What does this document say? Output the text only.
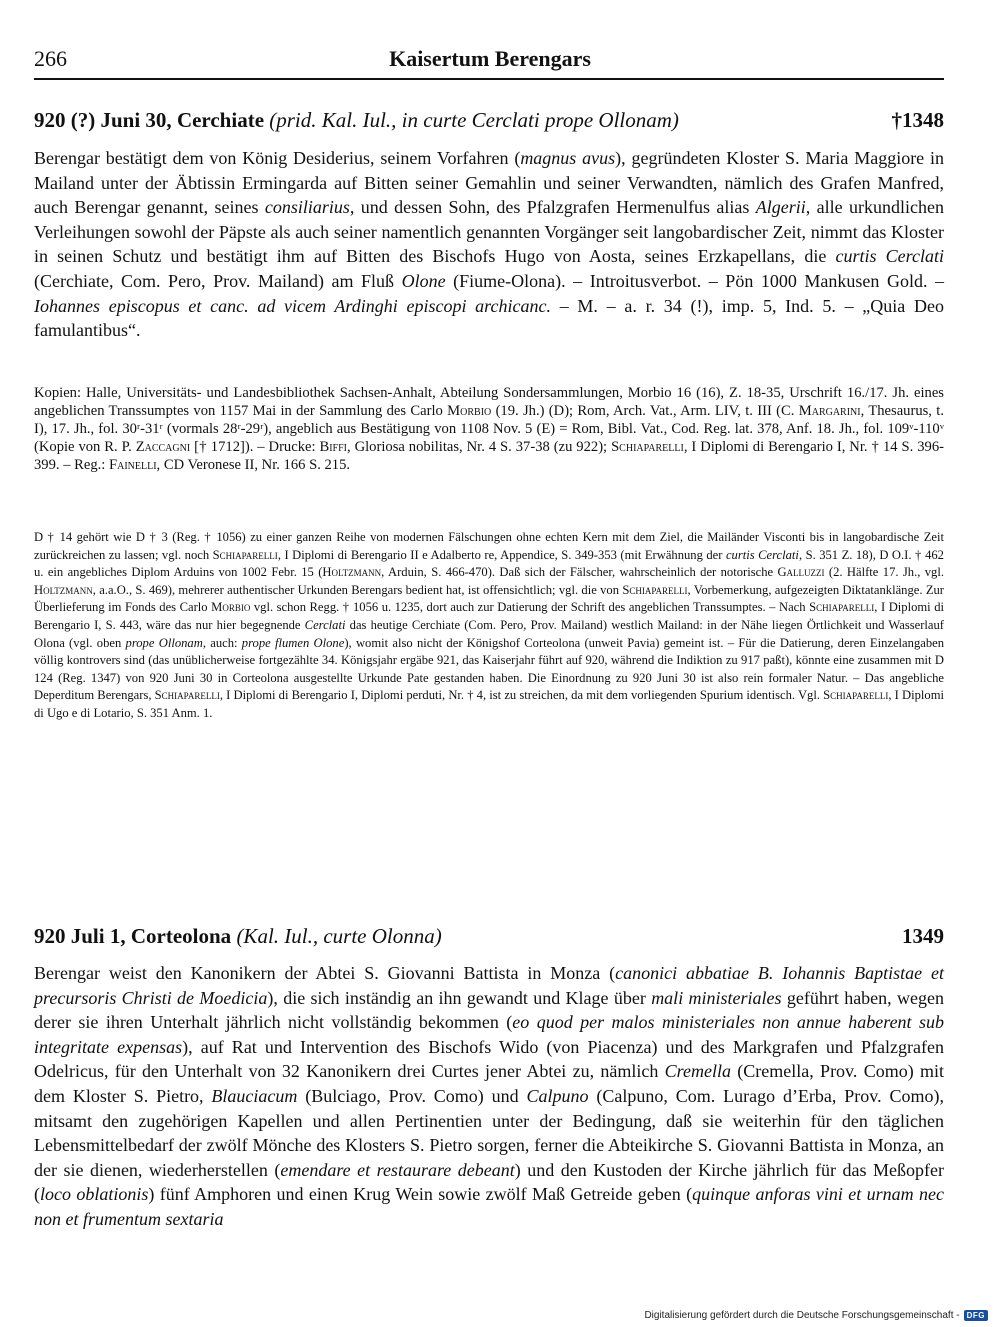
266	Kaisertum Berengars
920 (?) Juni 30, Cerchiate (prid. Kal. Iul., in curte Cerclati prope Ollonam)	†1348

Berengar bestätigt dem von König Desiderius, seinem Vorfahren (magnus avus), gegründeten Kloster S. Maria Maggiore in Mailand unter der Äbtissin Ermingarda auf Bitten seiner Gemahlin und seiner Verwandten, nämlich des Grafen Manfred, auch Berengar genannt, seines consiliarius, und dessen Sohn, des Pfalzgrafen Hermenulfus alias Algerii, alle urkundlichen Verleihungen sowohl der Päpste als auch seiner namentlich genannten Vorgänger seit langobardischer Zeit, nimmt das Kloster in seinen Schutz und bestätigt ihm auf Bitten des Bischofs Hugo von Aosta, seines Erzkapellans, die curtis Cerclati (Cerchiate, Com. Pero, Prov. Mailand) am Fluß Olone (Fiume-Olona). – Introitusverbot. – Pön 1000 Mankusen Gold. – Iohannes episcopus et canc. ad vicem Ardinghi episcopi archicanc. – M. – a. r. 34 (!), imp. 5, Ind. 5. – „Quia Deo famulantibus“.

Kopien: Halle, Universitäts- und Landesbibliothek Sachsen-Anhalt, Abteilung Sondersammlungen, Morbio 16 (16), Z. 18-35, Urschrift 16./17. Jh. eines angeblichen Transsumptes von 1157 Mai in der Sammlung des Carlo Morbio (19. Jh.) (D); Rom, Arch. Vat., Arm. LIV, t. III (C. Margarini, Thesaurus, t. I), 17. Jh., fol. 30ʳ-31ʳ (vormals 28ʳ-29ʳ), angeblich aus Bestätigung von 1108 Nov. 5 (E) = Rom, Bibl. Vat., Cod. Reg. lat. 378, Anf. 18. Jh., fol. 109ᵛ-110ᵛ (Kopie von R. P. Zaccagni [† 1712]). – Drucke: Biffi, Gloriosa nobilitas, Nr. 4 S. 37-38 (zu 922); Schiaparelli, I Diplomi di Berengario I, Nr. † 14 S. 396-399. – Reg.: Fainelli, CD Veronese II, Nr. 166 S. 215.

D † 14 gehört wie D † 3 (Reg. † 1056) zu einer ganzen Reihe von modernen Fälschungen ohne echten Kern mit dem Ziel, die Mailänder Visconti bis in langobardische Zeit zurückreichen zu lassen; vgl. noch Schiaparelli, I Diplomi di Berengario II e Adalberto re, Appendice, S. 349-353 (mit Erwähnung der curtis Cerclati, S. 351 Z. 18), D O.I. † 462 u. ein angebliches Diplom Arduins von 1002 Febr. 15 (Holtzmann, Arduin, S. 466-470). Daß sich der Fälscher, wahrscheinlich der notorische Galluzzi (2. Hälfte 17. Jh., vgl. Holtzmann, a.a.O., S. 469), mehrerer authentischer Urkunden Berengars bedient hat, ist offensichtlich; vgl. die von Schiaparelli, Vorbemerkung, aufgezeigten Diktatanklänge. Zur Überlieferung im Fonds des Carlo Morbio vgl. schon Regg. † 1056 u. 1235, dort auch zur Datierung der Schrift des angeblichen Transsumptes. – Nach Schiaparelli, I Diplomi di Berengario I, S. 443, wäre das nur hier begegnende Cerclati das heutige Cerchiate (Com. Pero, Prov. Mailand) westlich Mailand: in der Nähe liegen Örtlichkeit und Wasserlauf Olona (vgl. oben prope Ollonam, auch: prope flumen Olone), womit also nicht der Königshof Corteolona (unweit Pavia) gemeint ist. – Für die Datierung, deren Einzelangaben völlig kontrovers sind (das unüblicherweise fortgezählte 34. Königsjahr ergäbe 921, das Kaiserjahr führt auf 920, während die Indiktion zu 917 paßt), könnte eine zusammen mit D 124 (Reg. 1347) von 920 Juni 30 in Corteolona ausgestellte Urkunde Pate gestanden haben. Die Einordnung zu 920 Juni 30 ist also rein formaler Natur. – Das angebliche Deperditum Berengars, Schiaparelli, I Diplomi di Berengario I, Diplomi perduti, Nr. † 4, ist zu streichen, da mit dem vorliegenden Spurium identisch. Vgl. Schiaparelli, I Diplomi di Ugo e di Lotario, S. 351 Anm. 1.

920 Juli 1, Corteolona (Kal. Iul., curte Olonna)	1349

Berengar weist den Kanonikern der Abtei S. Giovanni Battista in Monza (canonici abbatiae B. Iohannis Baptistae et precursoris Christi de Moedicia), die sich inständig an ihn gewandt und Klage über mali ministeriales geführt haben, wegen derer sie ihren Unterhalt jährlich nicht vollständig bekommen (eo quod per malos ministeriales non annue haberent sub integritate expensas), auf Rat und Intervention des Bischofs Wido (von Piacenza) und des Markgrafen und Pfalzgrafen Odelricus, für den Unterhalt von 32 Kanonikern drei Curtes jener Abtei zu, nämlich Cremella (Cremella, Prov. Como) mit dem Kloster S. Pietro, Blauciacum (Bulciago, Prov. Como) und Calpuno (Calpuno, Com. Lurago d’Erba, Prov. Como), mitsamt den zugehörigen Kapellen und allen Pertinentien unter der Bedingung, daß sie weiterhin für den täglichen Lebensmittelbedarf der zwölf Mönche des Klosters S. Pietro sorgen, ferner die Abteikirche S. Giovanni Battista in Monza, an der sie dienen, wiederherstellen (emendare et restaurare debeant) und den Kustoden der Kirche jährlich für das Meßopfer (loco oblationis) fünf Amphoren und einen Krug Wein sowie zwölf Maß Getreide geben (quinque anforas vini et urnam nec non et frumentum sextaria

Digitalisierung gefördert durch die Deutsche Forschungsgemeinschaft - DFG
